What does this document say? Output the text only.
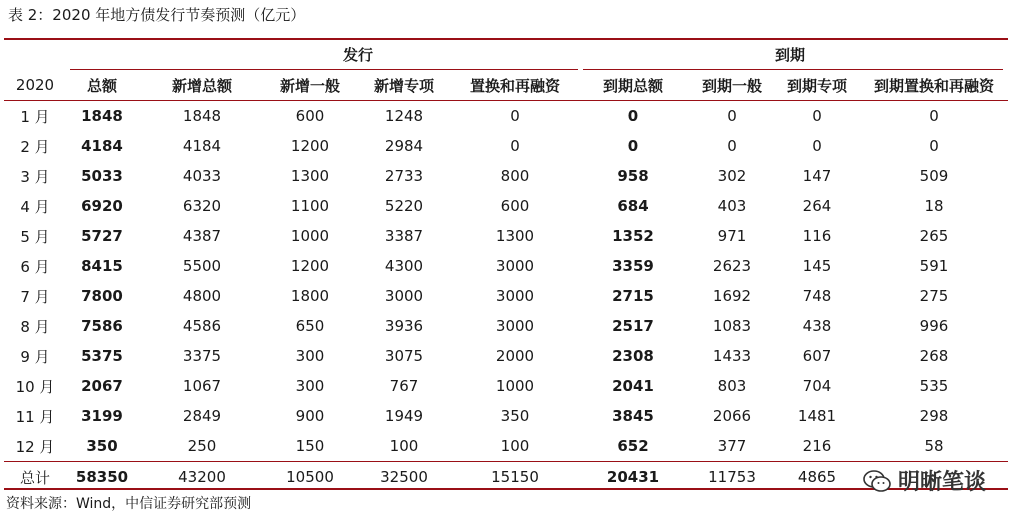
表 2：2020 年地方债发行节奏预测（亿元）
发行	到期
2020	总额	新增总额	新增一般	新增专项	置换和再融资	到期总额	到期一般	到期专项	到期置换和再融资
1 月	1848	1848	600	1248	0	0	0	0	0
2 月	4184	4184	1200	2984	0	0	0	0	0
3 月	5033	4033	1300	2733	800	958	302	147	509
4 月	6920	6320	1100	5220	600	684	403	264	18
5 月	5727	4387	1000	3387	1300	1352	971	116	265
6 月	8415	5500	1200	4300	3000	3359	2623	145	591
7 月	7800	4800	1800	3000	3000	2715	1692	748	275
8 月	7586	4586	650	3936	3000	2517	1083	438	996
9 月	5375	3375	300	3075	2000	2308	1433	607	268
10 月	2067	1067	300	767	1000	2041	803	704	535
11 月	3199	2849	900	1949	350	3845	2066	1481	298
12 月	350	250	150	100	100	652	377	216	58
总计	58350	43200	10500	32500	15150	20431	11753	4865	
资料来源：Wind，中信证券研究部预测
明晰笔谈
